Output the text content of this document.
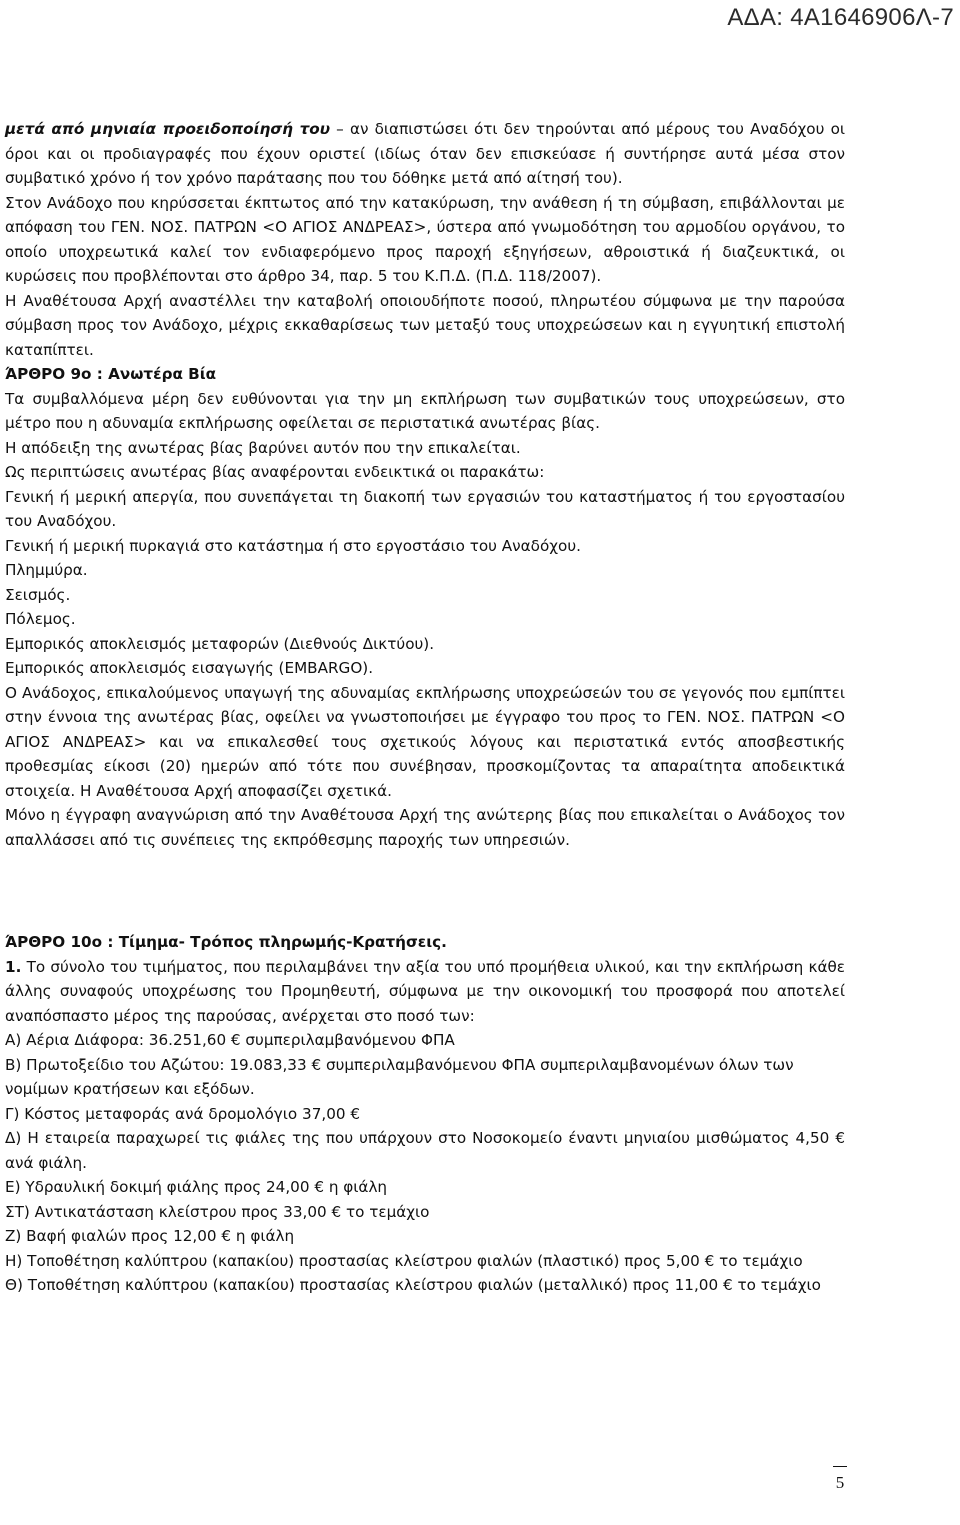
ΑΔΑ: 4Α1646906Λ-7

μετά από μηνιαία προειδοποίησή του – αν διαπιστώσει ότι δεν τηρούνται από μέρους του Αναδόχου οι όροι και οι προδιαγραφές που έχουν οριστεί (ιδίως όταν δεν επισκεύασε ή συντήρησε αυτά μέσα στον συμβατικό χρόνο ή τον χρόνο παράτασης που του δόθηκε μετά από αίτησή του).

Στον Ανάδοχο που κηρύσσεται έκπτωτος από την κατακύρωση, την ανάθεση ή τη σύμβαση, επιβάλλονται με απόφαση του ΓΕΝ. ΝΟΣ. ΠΑΤΡΩΝ <Ο ΑΓΙΟΣ ΑΝΔΡΕΑΣ>, ύστερα από γνωμοδότηση του αρμοδίου οργάνου, το οποίο υποχρεωτικά καλεί τον ενδιαφερόμενο προς παροχή εξηγήσεων, αθροιστικά ή διαζευκτικά, οι κυρώσεις που προβλέπονται στο άρθρο 34, παρ. 5 του Κ.Π.Δ. (Π.Δ. 118/2007).

Η Αναθέτουσα Αρχή αναστέλλει την καταβολή οποιουδήποτε ποσού, πληρωτέου σύμφωνα με την παρούσα σύμβαση προς τον Ανάδοχο, μέχρις εκκαθαρίσεως των μεταξύ τους υποχρεώσεων και η εγγυητική επιστολή καταπίπτει.

ΆΡΘΡΟ 9ο : Ανωτέρα Βία

Τα συμβαλλόμενα μέρη δεν ευθύνονται για την μη εκπλήρωση των συμβατικών τους υποχρεώσεων, στο μέτρο που η αδυναμία εκπλήρωσης οφείλεται σε περιστατικά ανωτέρας βίας.

Η απόδειξη της ανωτέρας βίας βαρύνει αυτόν που την επικαλείται.

Ως περιπτώσεις ανωτέρας βίας αναφέρονται ενδεικτικά οι παρακάτω:

Γενική ή μερική απεργία, που συνεπάγεται τη διακοπή των εργασιών του καταστήματος ή του εργοστασίου του Αναδόχου.

Γενική ή μερική πυρκαγιά στο κατάστημα ή στο εργοστάσιο του Αναδόχου.

Πλημμύρα.

Σεισμός.

Πόλεμος.

Εμπορικός αποκλεισμός μεταφορών (Διεθνούς Δικτύου).

Εμπορικός αποκλεισμός εισαγωγής (EMBARGO).

Ο Ανάδοχος, επικαλούμενος υπαγωγή της αδυναμίας εκπλήρωσης υποχρεώσεών του σε γεγονός που εμπίπτει στην έννοια της ανωτέρας βίας, οφείλει να γνωστοποιήσει με έγγραφο του προς το ΓΕΝ. ΝΟΣ. ΠΑΤΡΩΝ <Ο ΑΓΙΟΣ ΑΝΔΡΕΑΣ> και να επικαλεσθεί τους σχετικούς λόγους και περιστατικά εντός αποσβεστικής προθεσμίας είκοσι (20) ημερών από τότε που συνέβησαν, προσκομίζοντας τα απαραίτητα αποδεικτικά στοιχεία. Η Αναθέτουσα Αρχή αποφασίζει σχετικά.

Μόνο η έγγραφη αναγνώριση από την Αναθέτουσα Αρχή της ανώτερης βίας που επικαλείται ο Ανάδοχος τον απαλλάσσει από τις συνέπειες της εκπρόθεσμης παροχής των υπηρεσιών.

ΆΡΘΡΟ 10ο : Τίμημα- Τρόπος πληρωμής-Κρατήσεις.

1. Το σύνολο του τιμήματος, που περιλαμβάνει την αξία του υπό προμήθεια υλικού, και την εκπλήρωση κάθε άλλης συναφούς υποχρέωσης του Προμηθευτή, σύμφωνα με την οικονομική του προσφορά που αποτελεί αναπόσπαστο μέρος της παρούσας, ανέρχεται στο ποσό των:

Α) Αέρια Διάφορα: 36.251,60 € συμπεριλαμβανόμενου ΦΠΑ

Β) Πρωτοξείδιο του Αζώτου: 19.083,33 € συμπεριλαμβανόμενου ΦΠΑ συμπεριλαμβανομένων όλων των νομίμων κρατήσεων και εξόδων.

Γ) Κόστος μεταφοράς ανά δρομολόγιο 37,00 €

Δ) Η εταιρεία παραχωρεί τις φιάλες της που υπάρχουν στο Νοσοκομείο έναντι μηνιαίου μισθώματος 4,50 € ανά φιάλη.

Ε) Υδραυλική δοκιμή φιάλης προς 24,00 € η φιάλη

ΣΤ) Αντικατάσταση κλείστρου προς 33,00 € το τεμάχιο

Ζ) Βαφή φιαλών προς 12,00 € η φιάλη

Η) Τοποθέτηση καλύπτρου (καπακίου) προστασίας κλείστρου φιαλών (πλαστικό) προς 5,00 € το τεμάχιο

Θ) Τοποθέτηση καλύπτρου (καπακίου) προστασίας κλείστρου φιαλών (μεταλλικό) προς 11,00 € το τεμάχιο

5
